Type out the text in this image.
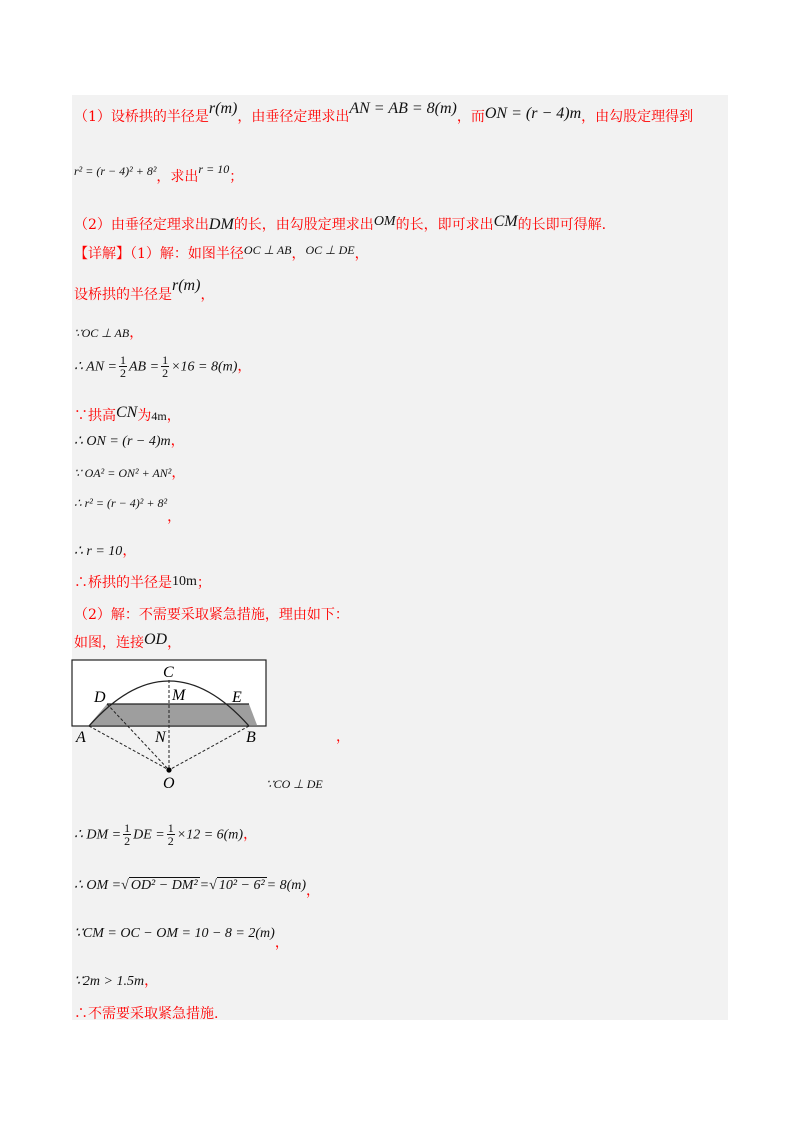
（1）设桥拱的半径是r(m)，由垂径定理求出AN = AB = 8(m)，而ON = (r − 4)m，由勾股定理得到
r² = (r − 4)² + 8²，求出r = 10；
（2）由垂径定理求出DM的长，由勾股定理求出OM的长，即可求出CM的长即可得解.
【详解】（1）解：如图半径OC ⊥ AB，OC ⊥ DE，
设桥拱的半径是r(m)，
∵OC ⊥ AB，
∴ AN = $\frac{1}{2}$ AB = $\frac{1}{2} \times 16 = 8(m)$，
∵拱高CN为4m，
∴ ON = (r − 4)m，
∵ OA² = ON² + AN²，
∴ r² = (r − 4)² + 8²，
∴ r = 10，
∴桥拱的半径是10m；
（2）解：不需要采取紧急措施，理由如下：
如图，连接OD，
C
D	M	E
A	N	B
O
，
∵CO ⊥ DE
∴ DM = $\frac{1}{2}$ DE = $\frac{1}{2} \times 12 = 6(m)$，
∴ OM =√ OD² − DM² =√ 10² − 6² = 8(m)，
∵CM = OC − OM = 10 − 8 = 2(m)，
∵2m > 1.5m，
∴不需要采取紧急措施.
